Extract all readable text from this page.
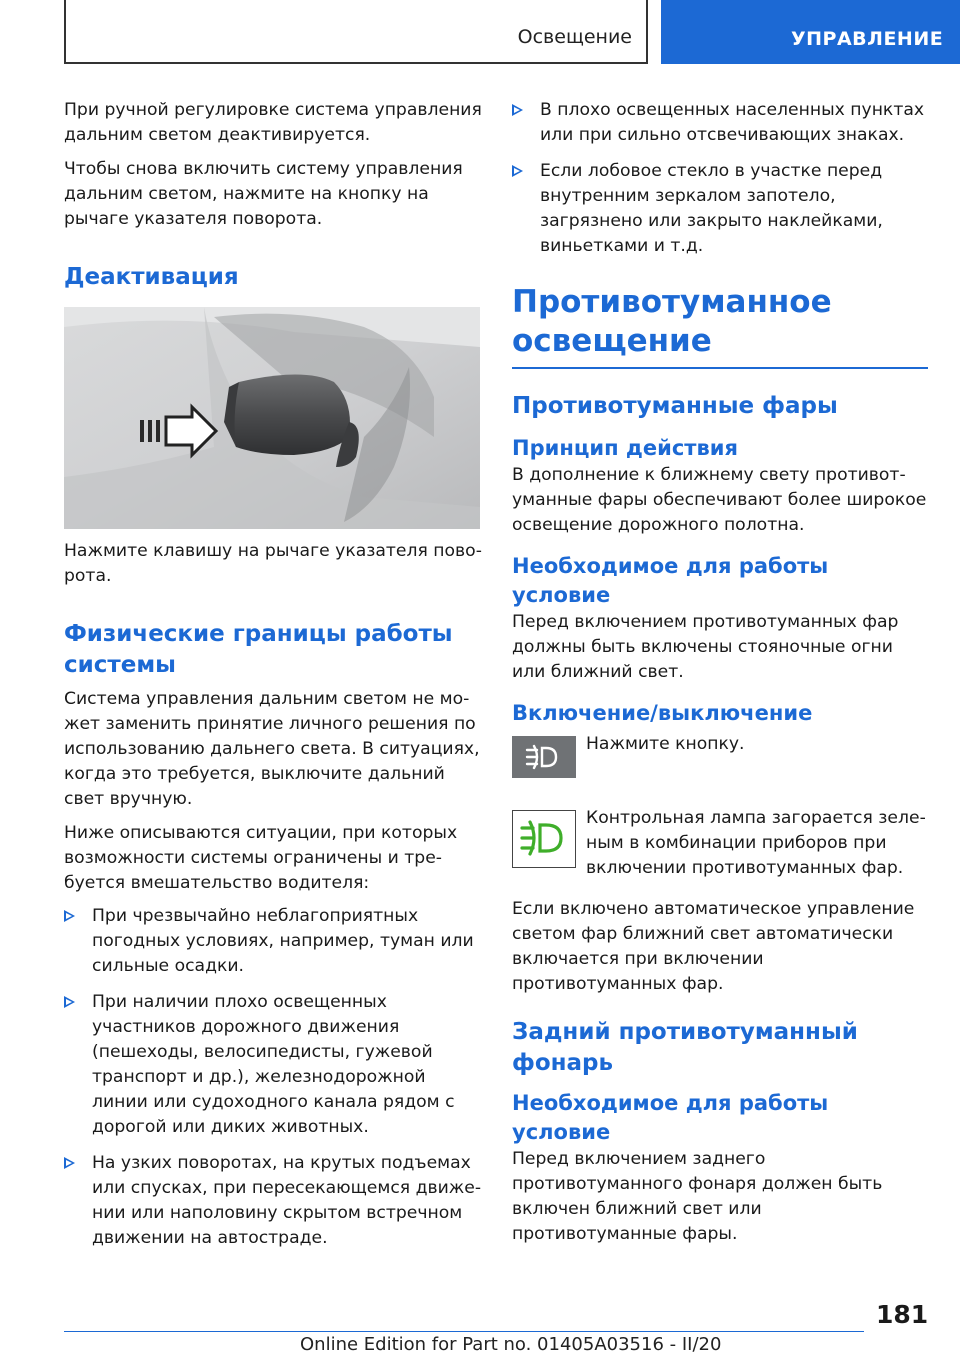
Освещение	УПРАВЛЕНИЕ

При ручной регулировке система управления дальним светом деактивируется.

Чтобы снова включить систему управления дальним светом, нажмите на кнопку на рычаге указателя поворота.

Деактивация

Нажмите клавишу на рычаге указателя поворота.

Физические границы работы системы

Система управления дальним светом не может заменить принятие личного решения по использованию дальнего света. В ситуациях, когда это требуется, выключите дальний свет вручную.

Ниже описываются ситуации, при которых возможности системы ограничены и требуется вмешательство водителя:

При чрезвычайно неблагоприятных погодных условиях, например, туман или сильные осадки.
При наличии плохо освещенных участников дорожного движения (пешеходы, велосипедисты, гужевой транспорт и др.), железнодорожной линии или судоходного канала рядом с дорогой или диких животных.
На узких поворотах, на крутых подъемах или спусках, при пересекающемся движении или наполовину скрытом встречном движении на автостраде.
В плохо освещенных населенных пунктах или при сильно отсвечивающих знаках.
Если лобовое стекло в участке перед внутренним зеркалом запотело, загрязнено или закрыто наклейками, виньетками и т.д.
Противотуманное освещение
Противотуманные фары
Принцип действия

В дополнение к ближнему свету противотуманные фары обеспечивают более широкое освещение дорожного полотна.

Необходимое для работы условие

Перед включением противотуманных фар должны быть включены стояночные огни или ближний свет.

Включение/выключение

Нажмите кнопку.

Контрольная лампа загорается зеленым в комбинации приборов при включении противотуманных фар.

Если включено автоматическое управление светом фар ближний свет автоматически включается при включении противотуманных фар.

Задний противотуманный фонарь
Необходимое для работы условие

Перед включением заднего противотуманного фонаря должен быть включен ближний свет или противотуманные фары.

181
Online Edition for Part no. 01405A03516 - II/20
